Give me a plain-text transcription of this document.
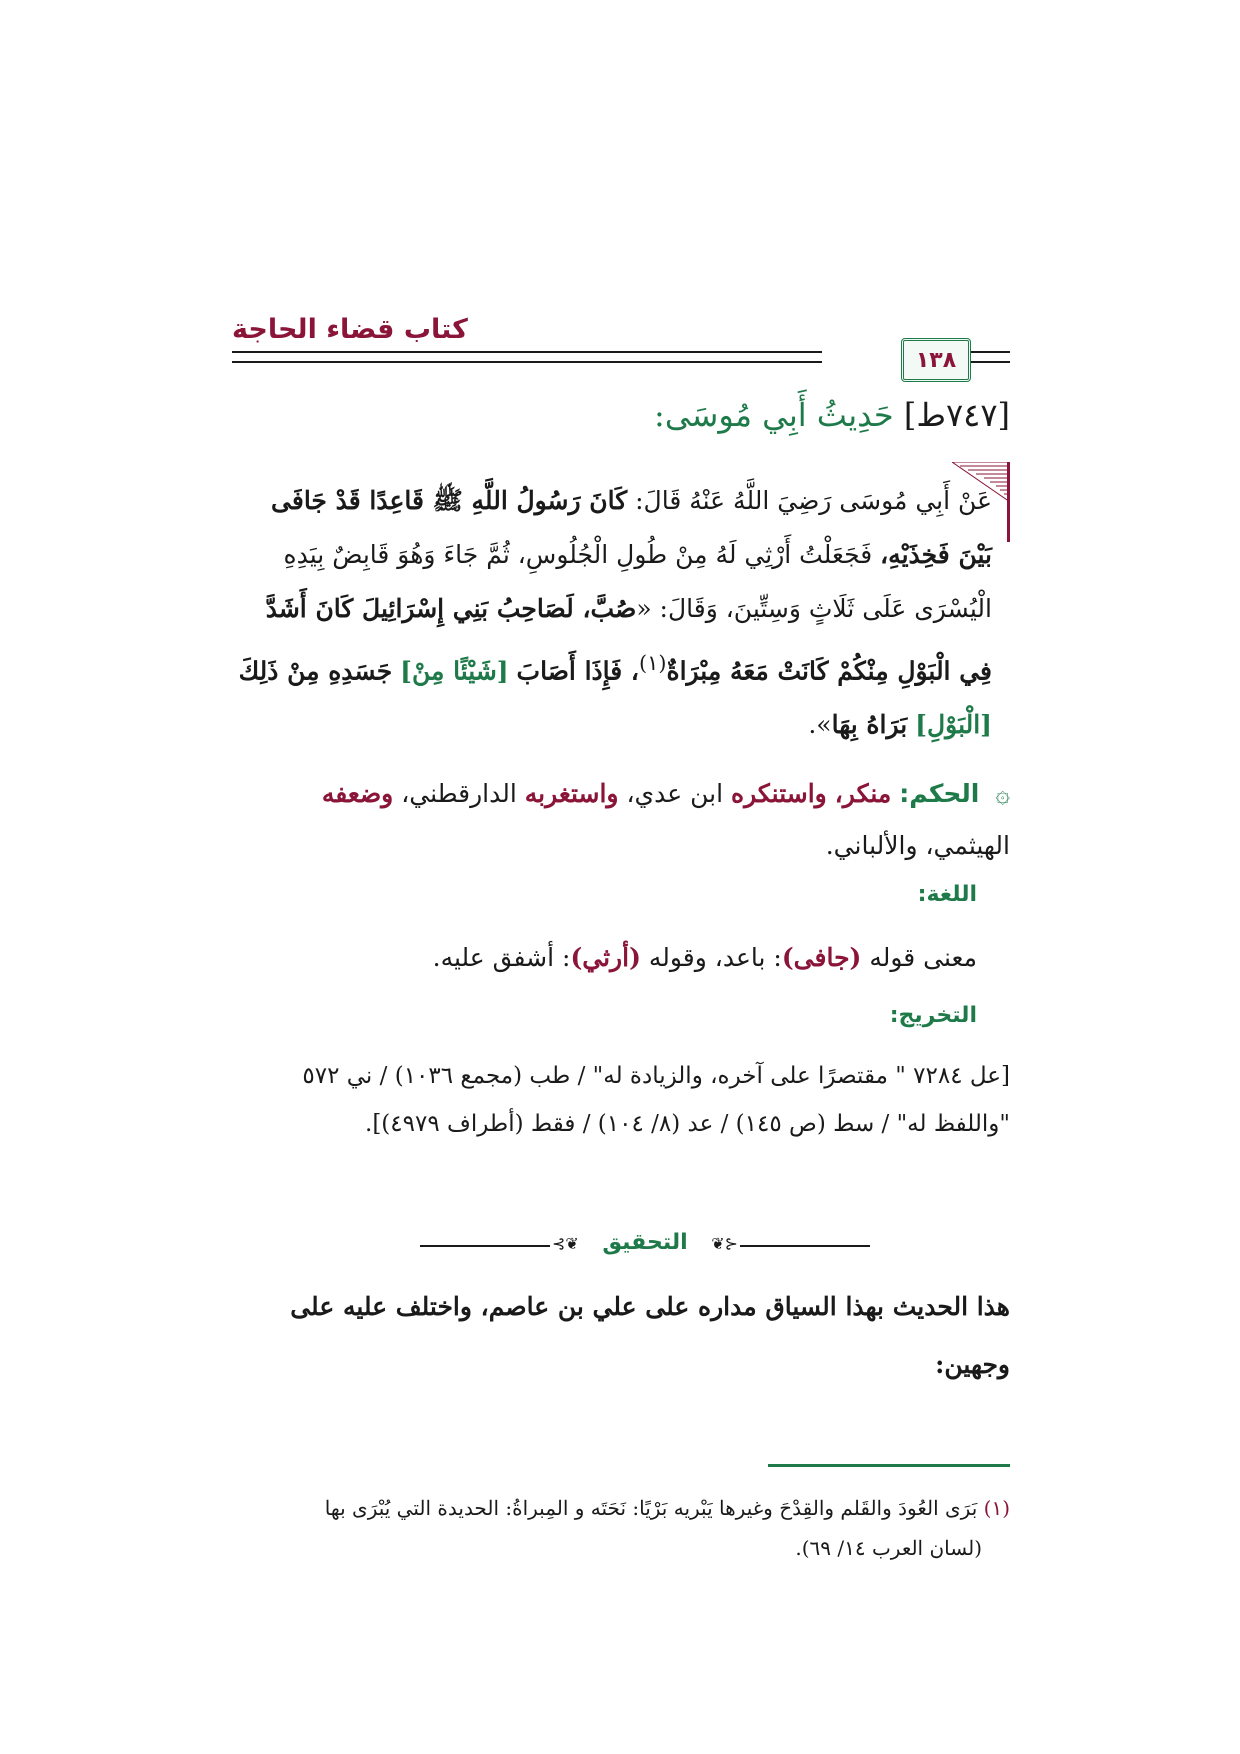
كتاب قضاء الحاجة
١٣٨
[٧٤٧ط] حَدِيثُ أَبِي مُوسَى:
عَنْ أَبِي مُوسَى رَضِيَ اللَّهُ عَنْهُ قَالَ: كَانَ رَسُولُ اللَّهِ ﷺ قَاعِدًا قَدْ جَافَى بَيْنَ فَخِذَيْهِ، فَجَعَلْتُ أَرْثِي لَهُ مِنْ طُولِ الْجُلُوسِ، ثُمَّ جَاءَ وَهُوَ قَابِضٌ بِيَدِهِ الْيُسْرَى عَلَى ثَلَاثٍ وَسِتِّينَ، وَقَالَ: «صُبَّ، لَصَاحِبُ بَنِي إِسْرَائِيلَ كَانَ أَشَدَّ فِي الْبَوْلِ مِنْكُمْ كَانَتْ مَعَهُ مِبْرَاةٌ$^{(١)}$، فَإِذَا أَصَابَ [شَيْئًا مِنْ] جَسَدِهِ مِنْ ذَلِكَ [الْبَوْلِ] بَرَاهُ بِهَا».
۞ الحكم: منكر، واستنكره ابن عدي، واستغربه الدارقطني، وضعفه الهيثمي، والألباني.
اللغة:
معنى قوله (جافى): باعد، وقوله (أرثي): أشفق عليه.
التخريج:
[عل ٧٢٨٤ " مقتصرًا على آخره، والزيادة له" / طب (مجمع ١٠٣٦) / ني ٥٧٢ "واللفظ له" / سط (ص ١٤٥) / عد (٨/ ١٠٤) / فقط (أطراف ٤٩٧٩)].
⊰❦	❦⊱
التحقيق
هذا الحديث بهذا السياق مداره على علي بن عاصم، واختلف عليه على وجهين:
(١) بَرَى العُودَ والقَلم والقِدْحَ وغيرها يَبْريه بَرْيًا: نَحَتَه و المِبراةُ: الحديدة التي يُبْرَى بها
(لسان العرب ١٤/ ٦٩).
